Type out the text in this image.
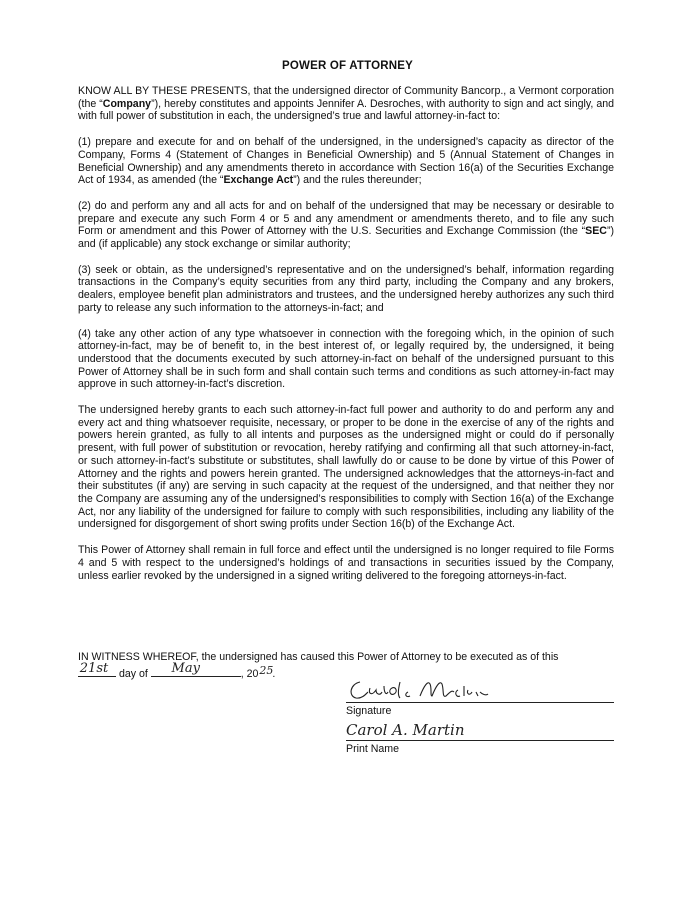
POWER OF ATTORNEY

KNOW ALL BY THESE PRESENTS, that the undersigned director of Community Bancorp., a Vermont corporation (the “Company”), hereby constitutes and appoints Jennifer A. Desroches, with authority to sign and act singly, and with full power of substitution in each, the undersigned’s true and lawful attorney-in-fact to:

(1) prepare and execute for and on behalf of the undersigned, in the undersigned’s capacity as director of the Company, Forms 4 (Statement of Changes in Beneficial Ownership) and 5 (Annual Statement of Changes in Beneficial Ownership) and any amendments thereto in accordance with Section 16(a) of the Securities Exchange Act of 1934, as amended (the “Exchange Act”) and the rules thereunder;

(2) do and perform any and all acts for and on behalf of the undersigned that may be necessary or desirable to prepare and execute any such Form 4 or 5 and any amendment or amendments thereto, and to file any such Form or amendment and this Power of Attorney with the U.S. Securities and Exchange Commission (the “SEC”) and (if applicable) any stock exchange or similar authority;

(3) seek or obtain, as the undersigned’s representative and on the undersigned’s behalf, information regarding transactions in the Company’s equity securities from any third party, including the Company and any brokers, dealers, employee benefit plan administrators and trustees, and the undersigned hereby authorizes any such third party to release any such information to the attorneys-in-fact; and

(4) take any other action of any type whatsoever in connection with the foregoing which, in the opinion of such attorney-in-fact, may be of benefit to, in the best interest of, or legally required by, the undersigned, it being understood that the documents executed by such attorney-in-fact on behalf of the undersigned pursuant to this Power of Attorney shall be in such form and shall contain such terms and conditions as such attorney-in-fact may approve in such attorney-in-fact’s discretion.

The undersigned hereby grants to each such attorney-in-fact full power and authority to do and perform any and every act and thing whatsoever requisite, necessary, or proper to be done in the exercise of any of the rights and powers herein granted, as fully to all intents and purposes as the undersigned might or could do if personally present, with full power of substitution or revocation, hereby ratifying and confirming all that such attorney-in-fact, or such attorney-in-fact’s substitute or substitutes, shall lawfully do or cause to be done by virtue of this Power of Attorney and the rights and powers herein granted. The undersigned acknowledges that the attorneys-in-fact and their substitutes (if any) are serving in such capacity at the request of the undersigned, and that neither they nor the Company are assuming any of the undersigned’s responsibilities to comply with Section 16(a) of the Exchange Act, nor any liability of the undersigned for failure to comply with such responsibilities, including any liability of the undersigned for disgorgement of short swing profits under Section 16(b) of the Exchange Act.

This Power of Attorney shall remain in full force and effect until the undersigned is no longer required to file Forms 4 and 5 with respect to the undersigned’s holdings of and transactions in securities issued by the Company, unless earlier revoked by the undersigned in a signed writing delivered to the foregoing attorneys-in-fact.

IN WITNESS WHEREOF, the undersigned has caused this Power of Attorney to be executed as of this
21st day of	May	, 20 25 .
Signature
Carol A. Martin
Print Name
